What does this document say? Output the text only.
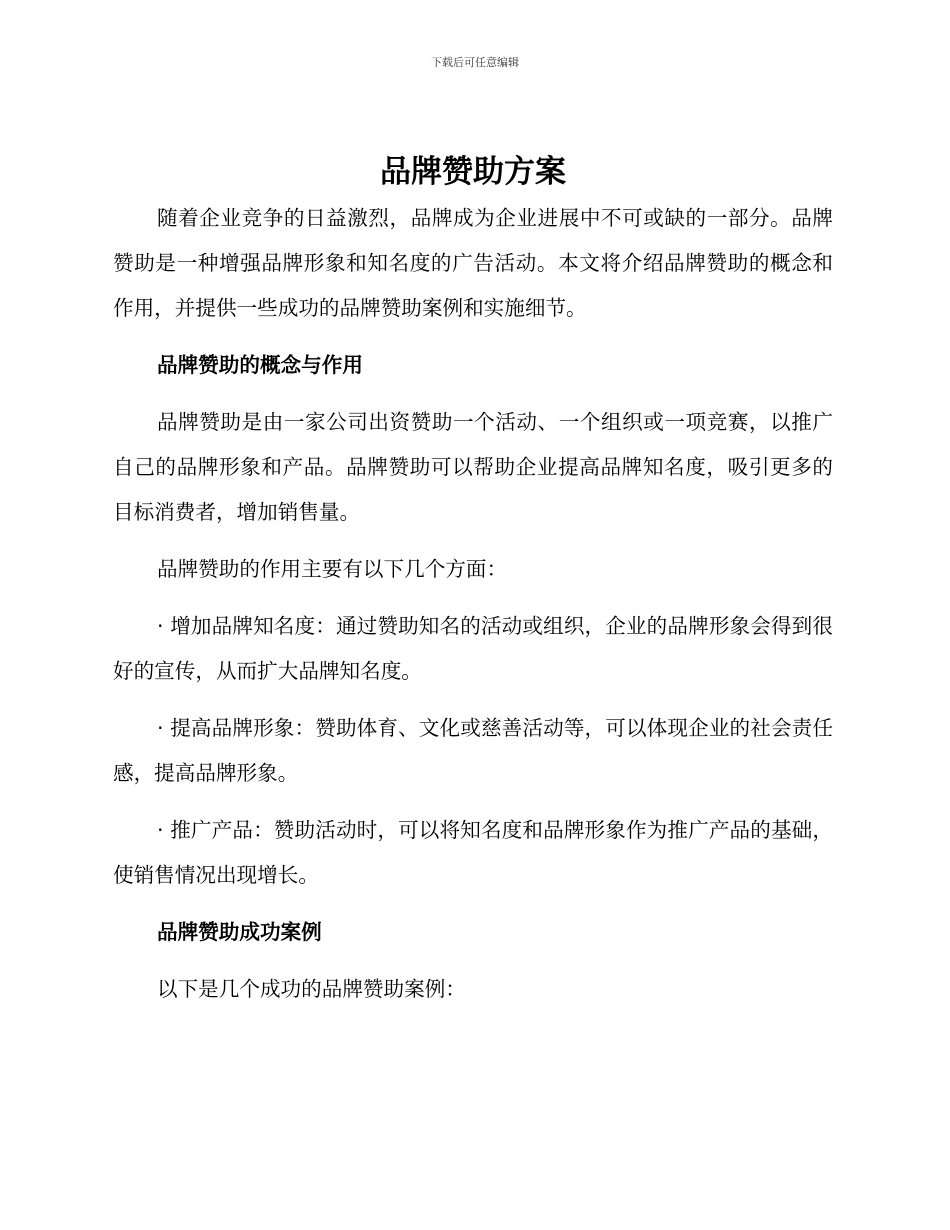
下载后可任意编辑
品牌赞助方案

随着企业竞争的日益激烈，品牌成为企业进展中不可或缺的一部分。品牌赞助是一种增强品牌形象和知名度的广告活动。本文将介绍品牌赞助的概念和作用，并提供一些成功的品牌赞助案例和实施细节。

品牌赞助的概念与作用

品牌赞助是由一家公司出资赞助一个活动、一个组织或一项竞赛，以推广自己的品牌形象和产品。品牌赞助可以帮助企业提高品牌知名度，吸引更多的目标消费者，增加销售量。

品牌赞助的作用主要有以下几个方面：

· 增加品牌知名度：通过赞助知名的活动或组织，企业的品牌形象会得到很好的宣传，从而扩大品牌知名度。

· 提高品牌形象：赞助体育、文化或慈善活动等，可以体现企业的社会责任感，提高品牌形象。

· 推广产品：赞助活动时，可以将知名度和品牌形象作为推广产品的基础，使销售情况出现增长。

品牌赞助成功案例

以下是几个成功的品牌赞助案例：
